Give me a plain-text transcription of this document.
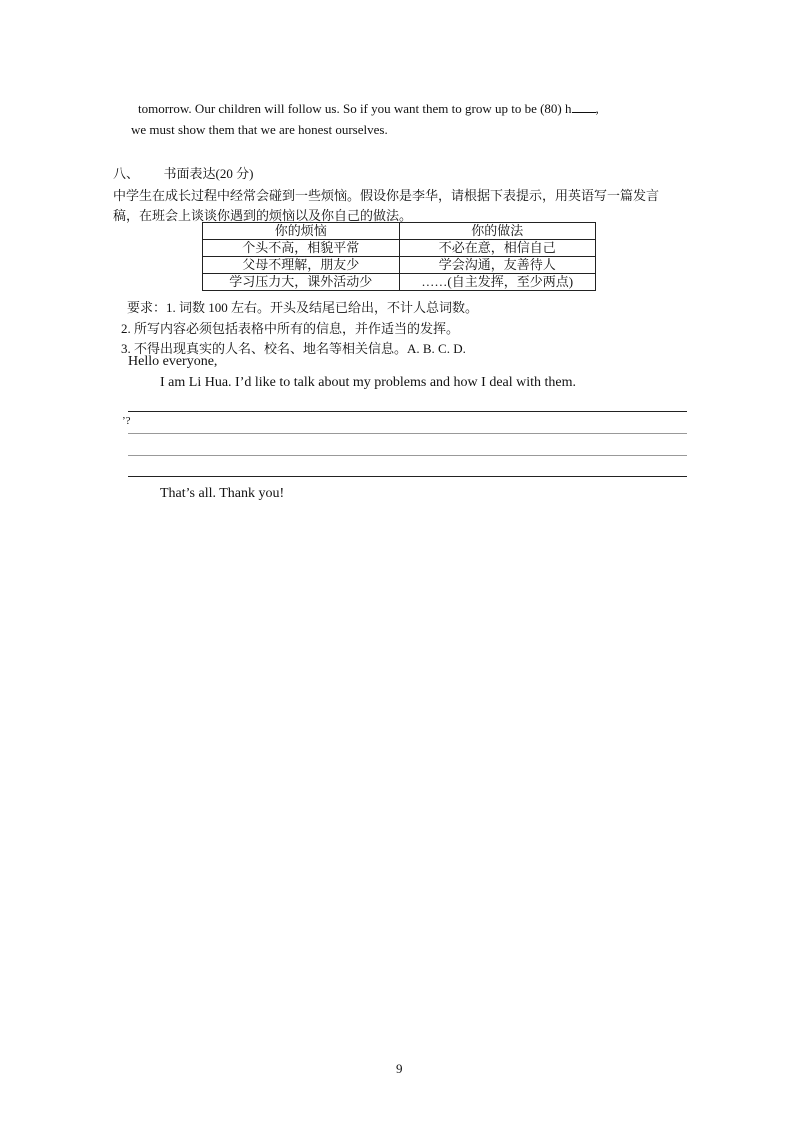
tomorrow. Our children will follow us. So if you want them to grow up to be (80) h ,
we must show them that we are honest ourselves.
八、 书面表达(20 分)
中学生在成长过程中经常会碰到一些烦恼。假设你是李华，请根据下表提示，用英语写一篇发言
稿，在班会上谈谈你遇到的烦恼以及你自己的做法。
你的烦恼	你的做法
个头不高，相貌平常	不必在意，相信自己
父母不理解，朋友少	学会沟通，友善待人
学习压力大，课外活动少	……(自主发挥，至少两点)
要求：1. 词数 100 左右。开头及结尾已给出，不计人总词数。
2. 所写内容必须包括表格中所有的信息，并作适当的发挥。
3. 不得出现真实的人名、校名、地名等相关信息。A. B. C. D.
Hello everyone,
I am Li Hua. I’d like to talk about my problems and how I deal with them.
ʼ?
That’s all. Thank you!
9
